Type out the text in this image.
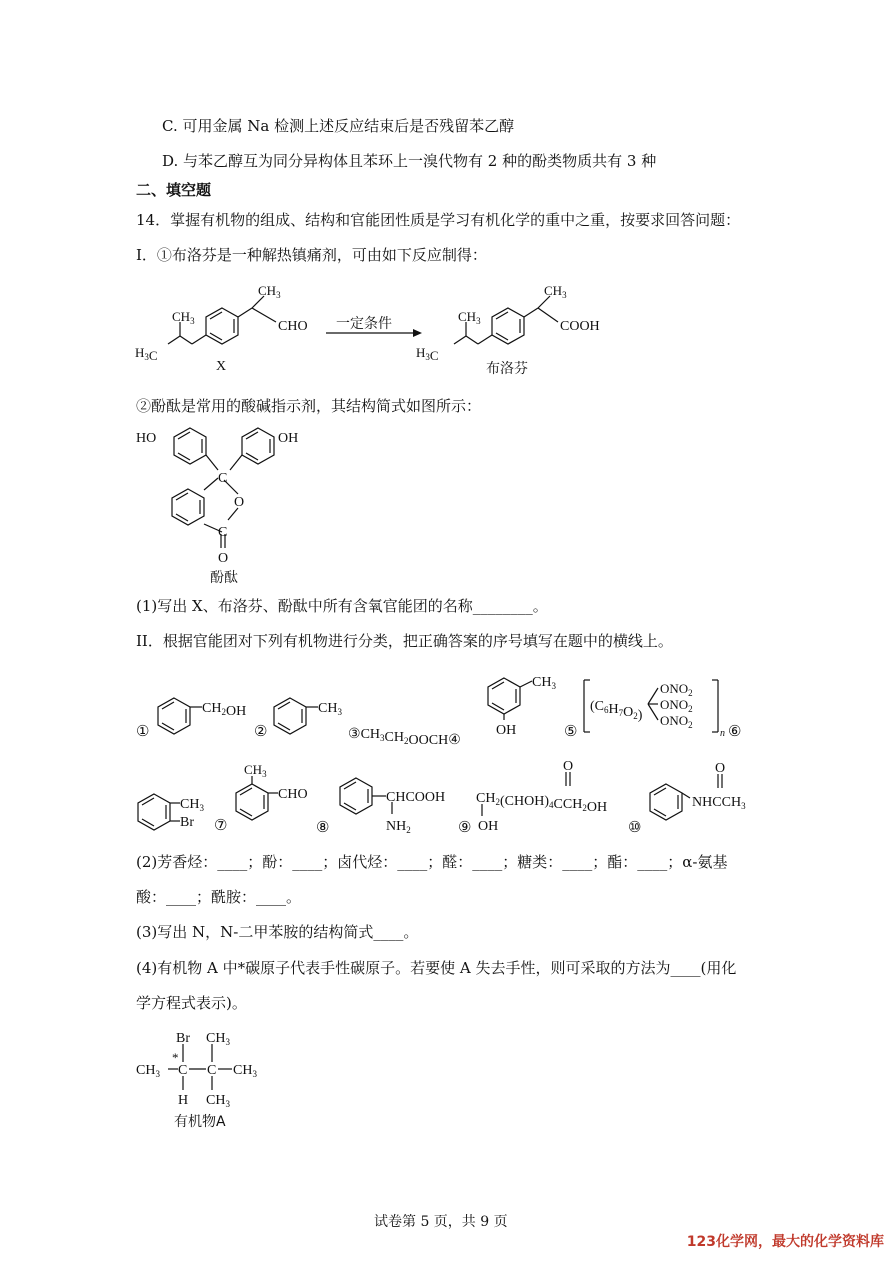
C. 可用金属 Na 检测上述反应结束后是否残留苯乙醇
D. 与苯乙醇互为同分异构体且苯环上一溴代物有 2 种的酚类物质共有 3 种
二、填空题
14．掌握有机物的组成、结构和官能团性质是学习有机化学的重中之重，按要求回答问题：
I．①布洛芬是一种解热镇痛剂，可由如下反应制得：
$CH_3$
$CH_3$
$H_3C$
CHO
X
一定条件
$CH_3$
$CH_3$
$H_3C$
COOH
布洛芬
②酚酞是常用的酸碱指示剂，其结构简式如图所示：
HO	OH
C
O
C
O
酚酞
(1)写出 X、布洛芬、酚酞中所有含氧官能团的名称________。
II．根据官能团对下列有机物进行分类，把正确答案的序号填写在题中的横线上。
①
$CH_2OH$
②
$CH_3$
$③CH_3CH_2OOCH④$
$CH_3$
OH	⑤
$(C_6H_7O_2)$
$ONO_2$
$ONO_2$
$ONO_2$
n ⑥
$CH_3$
Br ⑦
$CH_3$
CHO
⑧
CHCOOH
$NH_2$	⑨
$CH_2(CHOH)_4CCH_2OH$
O
OH	⑩
$NHCCH_3$
O
(2)芳香烃：____；酚：____；卤代烃：____；醛：____；糖类：____；酯：____；α-氨基
酸：____；酰胺：____。
(3)写出 N，N-二甲苯胺的结构简式____。
(4)有机物 A 中*碳原子代表手性碳原子。若要使 A 失去手性，则可采取的方法为____(用化
学方程式表示)。
Br $CH_3$
*
$CH_3$ C C $CH_3$
H $CH_3$
有机物A
试卷第 5 页，共 9 页
123化学网，最大的化学资料库
